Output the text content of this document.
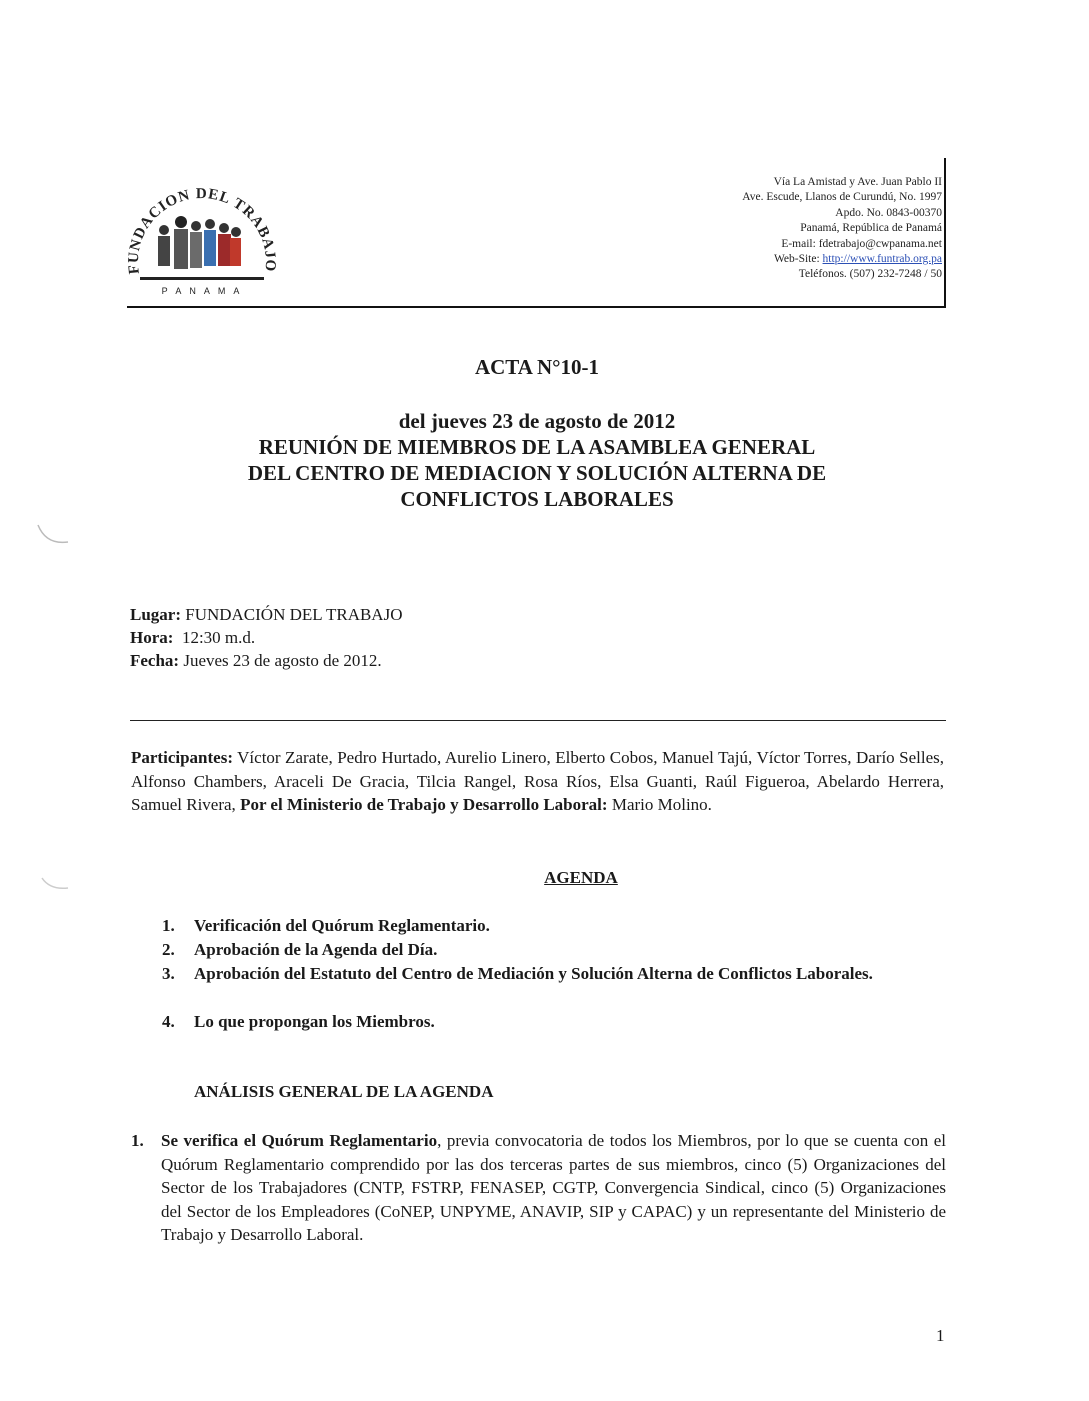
FUNDACION DEL TRABA
P A N A M A
Vía La Amistad y Ave. Juan Pablo II
Ave. Escude, Llanos de Curundú, No. 1997
Apdo. No. 0843-00370
Panamá, República de Panamá
E-mail: fdetrabajo@cwpanama.net
Web-Site: http://www.funtrab.org.pa
Teléfonos. (507) 232-7248 / 50
ACTA N°10-1
del jueves 23 de agosto de 2012
REUNIÓN DE MIEMBROS DE LA ASAMBLEA GENERAL
DEL CENTRO DE MEDIACION Y SOLUCIÓN ALTERNA DE
CONFLICTOS LABORALES
Lugar: FUNDACIÓN DEL TRABAJO
Hora:  12:30 m.d.
Fecha: Jueves 23 de agosto de 2012.
Participantes: Víctor Zarate, Pedro Hurtado, Aurelio Linero, Elberto Cobos, Manuel Tajú, Víctor Torres, Darío Selles, Alfonso Chambers, Araceli De Gracia, Tilcia Rangel, Rosa Ríos, Elsa Guanti, Raúl Figueroa, Abelardo Herrera, Samuel Rivera, Por el Ministerio de Trabajo y Desarrollo Laboral: Mario Molino.
AGENDA
1. Verificación del Quórum Reglamentario.
2. Aprobación de la Agenda del Día.
3. Aprobación del Estatuto del Centro de Mediación y Solución Alterna de Conflictos Laborales.
4. Lo que propongan los Miembros.
ANÁLISIS GENERAL DE LA AGENDA
1. Se verifica el Quórum Reglamentario, previa convocatoria de todos los Miembros, por lo que se cuenta con el Quórum Reglamentario comprendido por las dos terceras partes de sus miembros, cinco (5) Organizaciones del Sector de los Trabajadores (CNTP, FSTRP, FENASEP, CGTP, Convergencia Sindical, cinco (5) Organizaciones del Sector de los Empleadores (CoNEP, UNPYME, ANAVIP, SIP y CAPAC) y un representante del Ministerio de Trabajo y Desarrollo Laboral.
1
